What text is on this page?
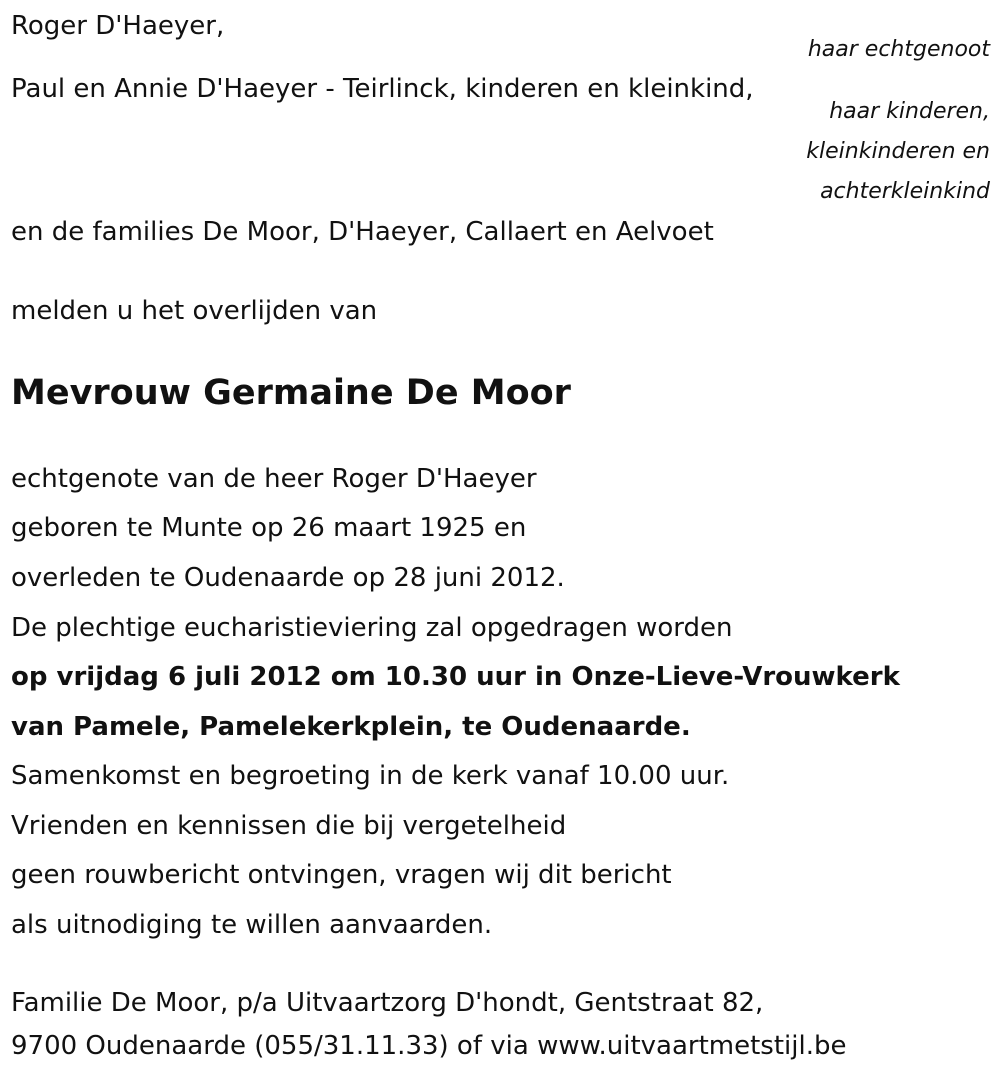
Roger D'Haeyer,
haar echtgenoot
Paul en Annie D'Haeyer - Teirlinck, kinderen en kleinkind,
haar kinderen,
kleinkinderen en
achterkleinkind
en de families De Moor, D'Haeyer, Callaert en Aelvoet
melden u het overlijden van
Mevrouw Germaine De Moor
echtgenote van de heer Roger D'Haeyer
geboren te Munte op 26 maart 1925 en
overleden te Oudenaarde op 28 juni 2012.
De plechtige eucharistieviering zal opgedragen worden
op vrijdag 6 juli 2012 om 10.30 uur in Onze-Lieve-Vrouwkerk
van Pamele, Pamelekerkplein, te Oudenaarde.
Samenkomst en begroeting in de kerk vanaf 10.00 uur.
Vrienden en kennissen die bij vergetelheid
geen rouwbericht ontvingen, vragen wij dit bericht
als uitnodiging te willen aanvaarden.
Familie De Moor, p/a Uitvaartzorg D'hondt, Gentstraat 82,
9700 Oudenaarde (055/31.11.33) of via www.uitvaartmetstijl.be
